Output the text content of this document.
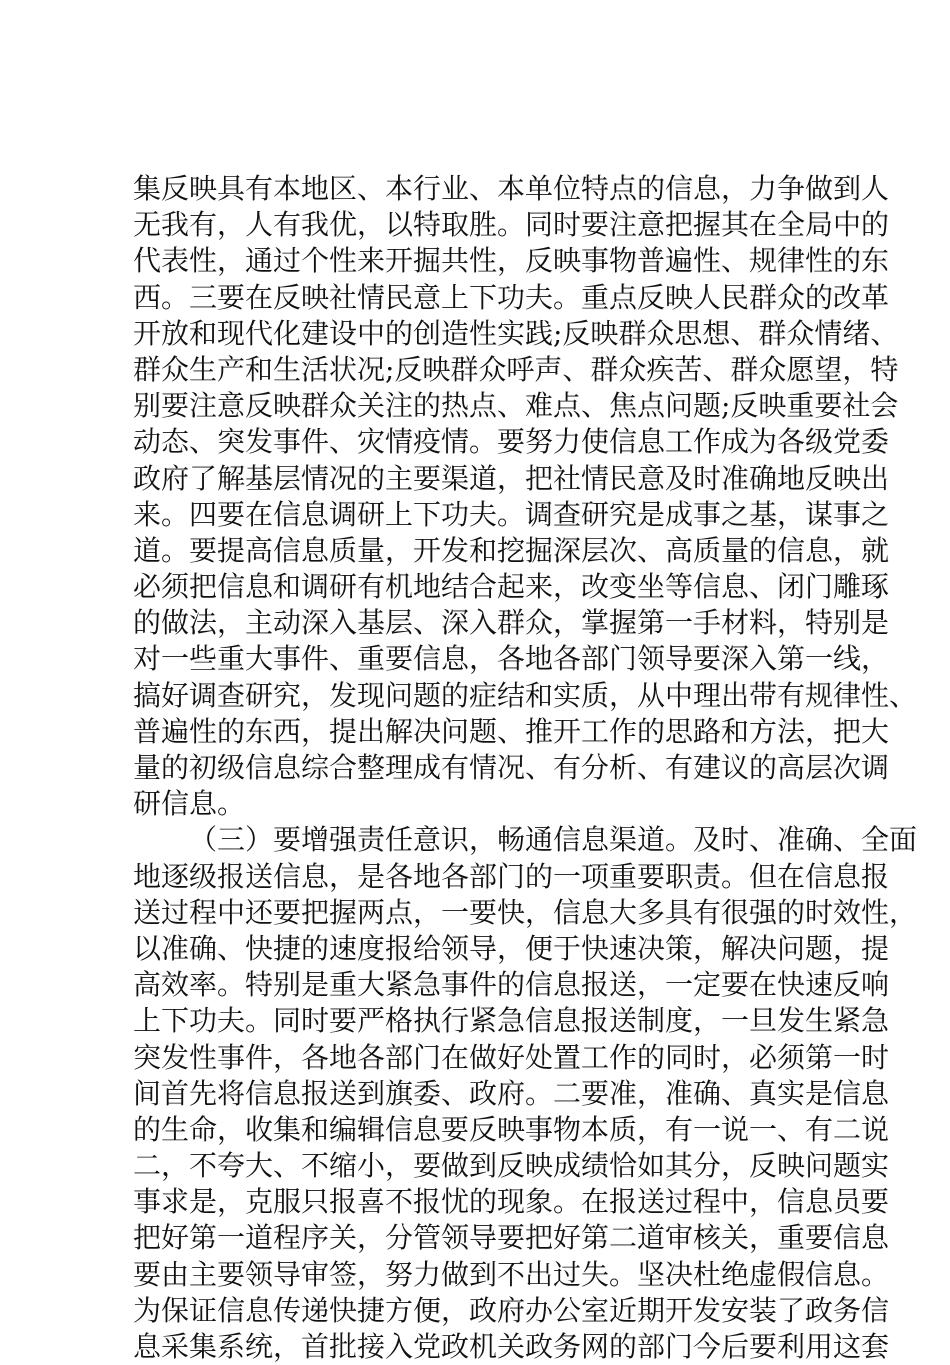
集反映具有本地区、本行业、本单位特点的信息，力争做到人
无我有，人有我优，以特取胜。同时要注意把握其在全局中的
代表性，通过个性来开掘共性，反映事物普遍性、规律性的东
西。三要在反映社情民意上下功夫。重点反映人民群众的改革
开放和现代化建设中的创造性实践;反映群众思想、群众情绪、
群众生产和生活状况;反映群众呼声、群众疾苦、群众愿望，特
别要注意反映群众关注的热点、难点、焦点问题;反映重要社会
动态、突发事件、灾情疫情。要努力使信息工作成为各级党委
政府了解基层情况的主要渠道，把社情民意及时准确地反映出
来。四要在信息调研上下功夫。调查研究是成事之基，谋事之
道。要提高信息质量，开发和挖掘深层次、高质量的信息，就
必须把信息和调研有机地结合起来，改变坐等信息、闭门雕琢
的做法，主动深入基层、深入群众，掌握第一手材料，特别是
对一些重大事件、重要信息，各地各部门领导要深入第一线，
搞好调查研究，发现问题的症结和实质，从中理出带有规律性、
普遍性的东西，提出解决问题、推开工作的思路和方法，把大
量的初级信息综合整理成有情况、有分析、有建议的高层次调
研信息。
（三）要增强责任意识，畅通信息渠道。及时、准确、全面
地逐级报送信息，是各地各部门的一项重要职责。但在信息报
送过程中还要把握两点，一要快，信息大多具有很强的时效性，
以准确、快捷的速度报给领导，便于快速决策，解决问题，提
高效率。特别是重大紧急事件的信息报送，一定要在快速反响
上下功夫。同时要严格执行紧急信息报送制度，一旦发生紧急
突发性事件，各地各部门在做好处置工作的同时，必须第一时
间首先将信息报送到旗委、政府。二要准，准确、真实是信息
的生命，收集和编辑信息要反映事物本质，有一说一、有二说
二，不夸大、不缩小，要做到反映成绩恰如其分，反映问题实
事求是，克服只报喜不报忧的现象。在报送过程中，信息员要
把好第一道程序关，分管领导要把好第二道审核关，重要信息
要由主要领导审签，努力做到不出过失。坚决杜绝虚假信息。
为保证信息传递快捷方便，政府办公室近期开发安装了政务信
息采集系统，首批接入党政机关政务网的部门今后要利用这套
